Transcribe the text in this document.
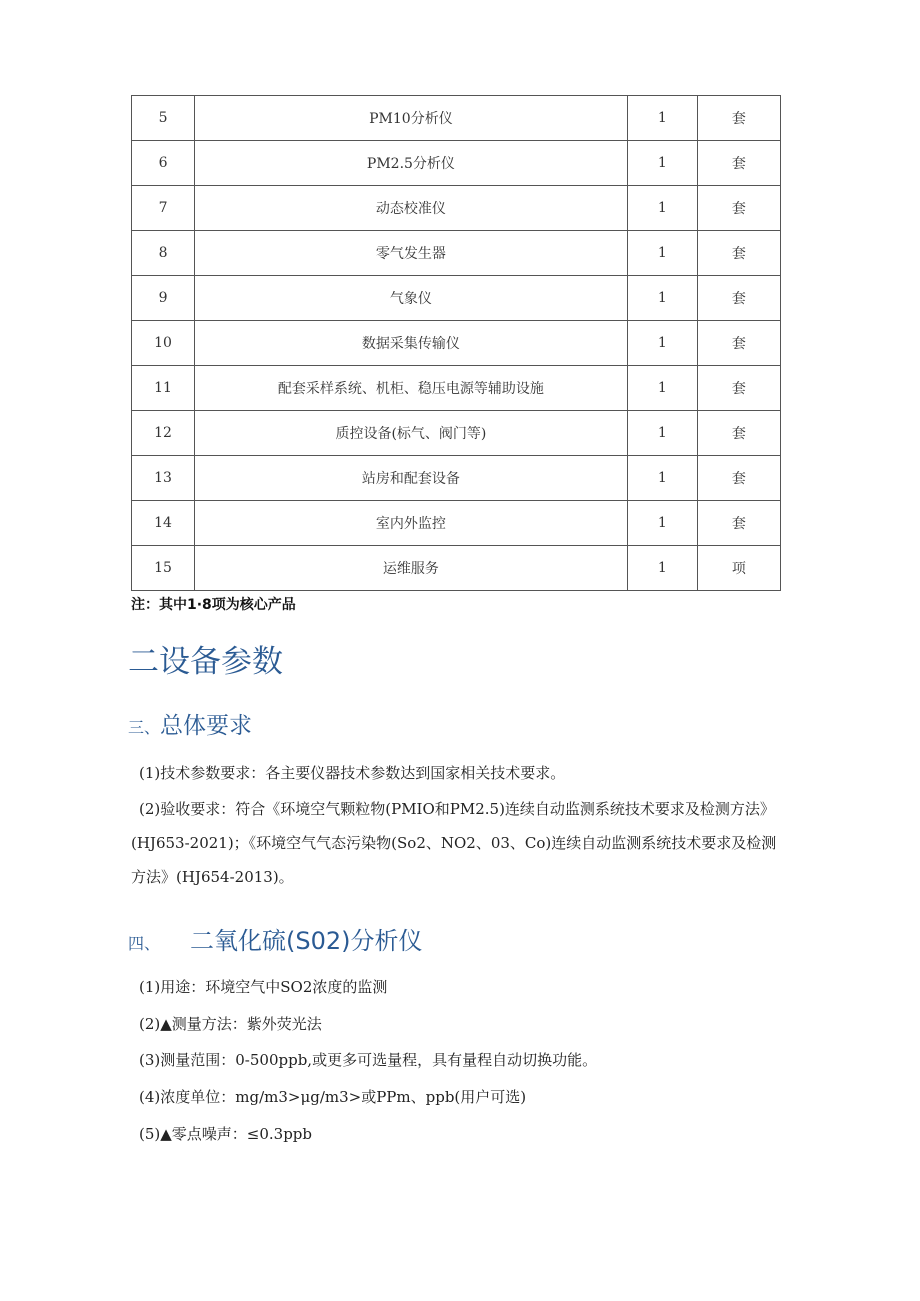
5	PM10分析仪	1	套
6	PM2.5分析仪	1	套
7	动态校准仪	1	套
8	零气发生器	1	套
9	气象仪	1	套
10	数据采集传输仪	1	套
11	配套采样系统、机柜、稳压电源等辅助设施	1	套
12	质控设备(标气、阀门等)	1	套
13	站房和配套设备	1	套
14	室内外监控	1	套
15	运维服务	1	项
注：其中1·8项为核心产品
二设备参数
三、总体要求

(1)技术参数要求：各主要仪器技术参数达到国家相关技术要求。

(2)验收要求：符合《环境空气颗粒物(PMIO和PM2.5)连续自动监测系统技术要求及检测方法》(HJ653-2021)；《环境空气气态污染物(So2、NO2、03、Co)连续自动监测系统技术要求及检测方法》(HJ654-2013)。

四、 二氧化硫(S02)分析仪
(1)用途：环境空气中SO2浓度的监测
(2)▲测量方法：紫外荧光法
(3)测量范围：0-500ppb,或更多可选量程，具有量程自动切换功能。
(4)浓度单位：mg∕m3>μg∕m3>或PPm、ppb(用户可选)
(5)▲零点噪声：≤0.3ppb
